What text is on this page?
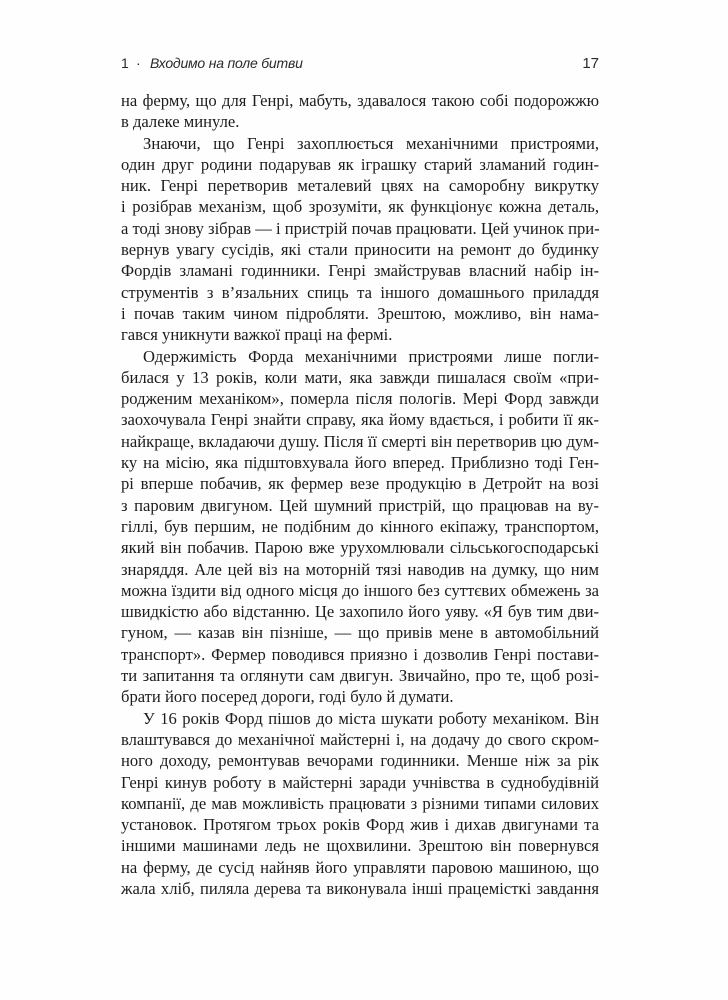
1 · Входимо на поле битви	17
на ферму, що для Генрі, мабуть, здавалося такою собі подорожжю
в далеке минуле.
Знаючи, що Генрі захоплюється механічними пристроями,
один друг родини подарував як іграшку старий зламаний годин-
ник. Генрі перетворив металевий цвях на саморобну викрутку
і розібрав механізм, щоб зрозуміти, як функціонує кожна деталь,
а тоді знову зібрав — і пристрій почав працювати. Цей учинок при-
вернув увагу сусідів, які стали приносити на ремонт до будинку
Фордів зламані годинники. Генрі змайстрував власний набір ін-
струментів з в’язальних спиць та іншого домашнього приладдя
і почав таким чином підробляти. Зрештою, можливо, він нама-
гався уникнути важкої праці на фермі.
Одержимість Форда механічними пристроями лише погли-
билася у 13 років, коли мати, яка завжди пишалася своїм «при-
родженим механіком», померла після пологів. Мері Форд завжди
заохочувала Генрі знайти справу, яка йому вдається, і робити її як-
найкраще, вкладаючи душу. Після її смерті він перетворив цю дум-
ку на місію, яка підштовхувала його вперед. Приблизно тоді Ген-
рі вперше побачив, як фермер везе продукцію в Детройт на возі
з паровим двигуном. Цей шумний пристрій, що працював на ву-
гіллі, був першим, не подібним до кінного екіпажу, транспортом,
який він побачив. Парою вже урухомлювали сільськогосподарські
знаряддя. Але цей віз на моторній тязі наводив на думку, що ним
можна їздити від одного місця до іншого без суттєвих обмежень за
швидкістю або відстанню. Це захопило його уяву. «Я був тим дви-
гуном, — казав він пізніше, — що привів мене в автомобільний
транспорт». Фермер поводився приязно і дозволив Генрі постави-
ти запитання та оглянути сам двигун. Звичайно, про те, щоб розі-
брати його посеред дороги, годі було й думати.
У 16 років Форд пішов до міста шукати роботу механіком. Він
влаштувався до механічної майстерні і, на додачу до свого скром-
ного доходу, ремонтував вечорами годинники. Менше ніж за рік
Генрі кинув роботу в майстерні заради учнівства в суднобудівній
компанії, де мав можливість працювати з різними типами силових
установок. Протягом трьох років Форд жив і дихав двигунами та
іншими машинами ледь не щохвилини. Зрештою він повернувся
на ферму, де сусід найняв його управляти паровою машиною, що
жала хліб, пиляла дерева та виконувала інші працемісткі завдання
